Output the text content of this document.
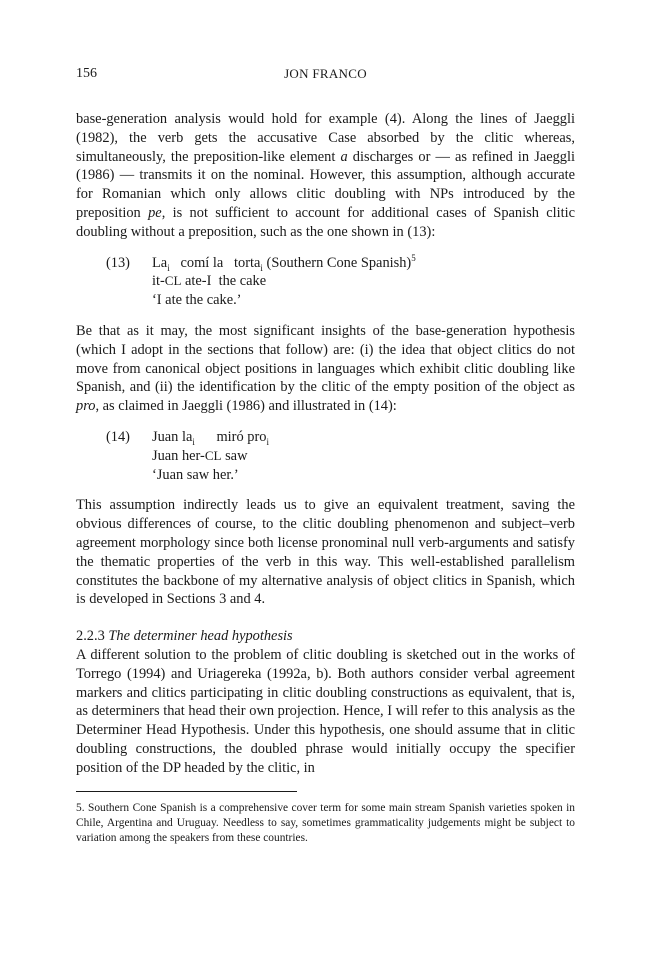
156	JON FRANCO

base-generation analysis would hold for example (4). Along the lines of Jaeggli (1982), the verb gets the accusative Case absorbed by the clitic whereas, simultaneously, the preposition-like element a discharges or — as refined in Jaeggli (1986) — transmits it on the nominal. However, this assumption, although accurate for Romanian which only allows clitic doubling with NPs introduced by the preposition pe, is not sufficient to account for additional cases of Spanish clitic doubling without a preposition, such as the one shown in (13):

(13) $La_i$   comí la   torta$_i$ (Southern Cone Spanish)$^5$
it-CL ate-I  the cake
‘I ate the cake.’

Be that as it may, the most significant insights of the base-generation hypothesis (which I adopt in the sections that follow) are: (i) the idea that object clitics do not move from canonical object positions in languages which exhibit clitic doubling like Spanish, and (ii) the identification by the clitic of the empty position of the object as pro, as claimed in Jaeggli (1986) and illustrated in (14):

(14) Juan $la_i$      miró pro$_i$
Juan her-CL saw
‘Juan saw her.’

This assumption indirectly leads us to give an equivalent treatment, saving the obvious differences of course, to the clitic doubling phenomenon and subject–verb agreement morphology since both license pronominal null verb-arguments and satisfy the thematic properties of the verb in this way. This well-established parallelism constitutes the backbone of my alternative analysis of object clitics in Spanish, which is developed in Sections 3 and 4.

2.2.3 The determiner head hypothesis

A different solution to the problem of clitic doubling is sketched out in the works of Torrego (1994) and Uriagereka (1992a, b). Both authors consider verbal agreement markers and clitics participating in clitic doubling constructions as equivalent, that is, as determiners that head their own projection. Hence, I will refer to this analysis as the Determiner Head Hypothesis. Under this hypothesis, one should assume that in clitic doubling constructions, the doubled phrase would initially occupy the specifier position of the DP headed by the clitic, in

5. Southern Cone Spanish is a comprehensive cover term for some main stream Spanish varieties spoken in Chile, Argentina and Uruguay. Needless to say, sometimes grammaticality judgements might be subject to variation among the speakers from these countries.
